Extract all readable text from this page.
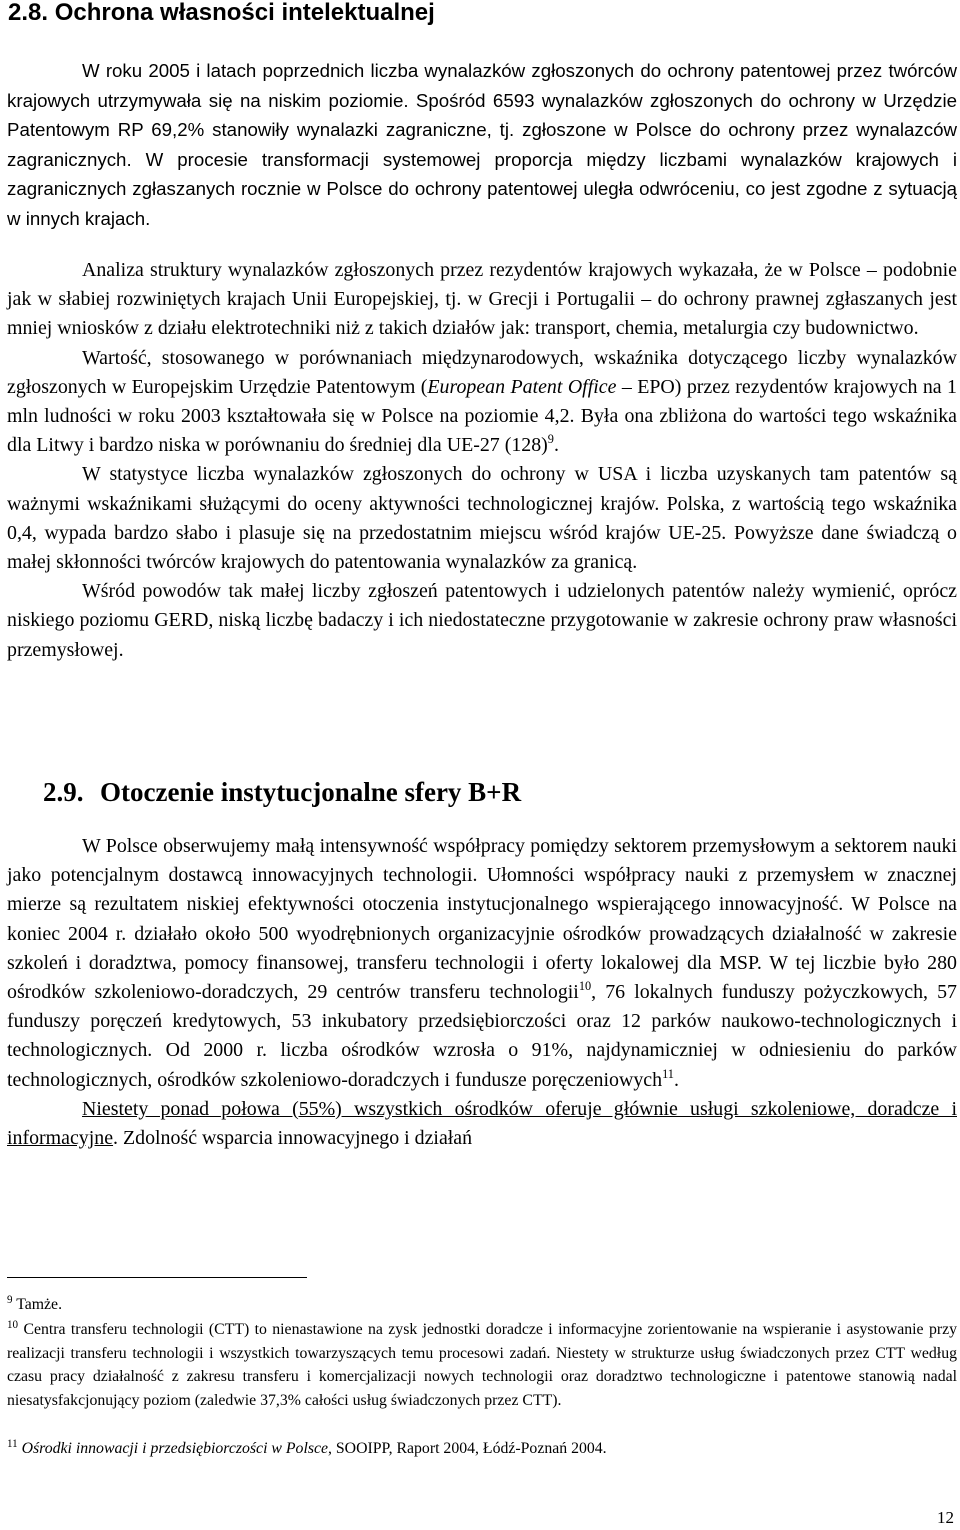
2.8. Ochrona własności intelektualnej

W roku 2005 i latach poprzednich liczba wynalazków zgłoszonych do ochrony patentowej przez twórców krajowych utrzymywała się na niskim poziomie. Spośród 6593 wynalazków zgłoszonych do ochrony w Urzędzie Patentowym RP 69,2% stanowiły wynalazki zagraniczne, tj. zgłoszone w Polsce do ochrony przez wynalazców zagranicznych. W procesie transformacji systemowej proporcja między liczbami wynalazków krajowych i zagranicznych zgłaszanych rocznie w Polsce do ochrony patentowej uległa odwróceniu, co jest zgodne z sytuacją w innych krajach.

Analiza struktury wynalazków zgłoszonych przez rezydentów krajowych wykazała, że w Polsce – podobnie jak w słabiej rozwiniętych krajach Unii Europejskiej, tj. w Grecji i Portugalii – do ochrony prawnej zgłaszanych jest mniej wniosków z działu elektrotechniki niż z takich działów jak: transport, chemia, metalurgia czy budownictwo.

Wartość, stosowanego w porównaniach międzynarodowych, wskaźnika dotyczącego liczby wynalazków zgłoszonych w Europejskim Urzędzie Patentowym (European Patent Office – EPO) przez rezydentów krajowych na 1 mln ludności w roku 2003 kształtowała się w Polsce na poziomie 4,2. Była ona zbliżona do wartości tego wskaźnika dla Litwy i bardzo niska w porównaniu do średniej dla UE-27 $(128)^9$.

W statystyce liczba wynalazków zgłoszonych do ochrony w USA i liczba uzyskanych tam patentów są ważnymi wskaźnikami służącymi do oceny aktywności technologicznej krajów. Polska, z wartością tego wskaźnika 0,4, wypada bardzo słabo i plasuje się na przedostatnim miejscu wśród krajów UE-25. Powyższe dane świadczą o małej skłonności twórców krajowych do patentowania wynalazków za granicą.

Wśród powodów tak małej liczby zgłoszeń patentowych i udzielonych patentów należy wymienić, oprócz niskiego poziomu GERD, niską liczbę badaczy i ich niedostateczne przygotowanie w zakresie ochrony praw własności przemysłowej.

2.9. Otoczenie instytucjonalne sfery B+R

W Polsce obserwujemy małą intensywność współpracy pomiędzy sektorem przemysłowym a sektorem nauki jako potencjalnym dostawcą innowacyjnych technologii. Ułomności współpracy nauki z przemysłem w znacznej mierze są rezultatem niskiej efektywności otoczenia instytucjonalnego wspierającego innowacyjność. W Polsce na koniec 2004 r. działało około 500 wyodrębnionych organizacyjnie ośrodków prowadzących działalność w zakresie szkoleń i doradztwa, pomocy finansowej, transferu technologii i oferty lokalowej dla MSP. W tej liczbie było 280 ośrodków szkoleniowo-doradczych, 29 centrów transferu technologii$^{10}$, 76 lokalnych funduszy pożyczkowych, 57 funduszy poręczeń kredytowych, 53 inkubatory przedsiębiorczości oraz 12 parków naukowo-technologicznych i technologicznych. Od 2000 r. liczba ośrodków wzrosła o 91%, najdynamiczniej w odniesieniu do parków technologicznych, ośrodków szkoleniowo-doradczych i fundusze poręczeniowych$^{11}$.

Niestety ponad połowa (55%) wszystkich ośrodków oferuje głównie usługi szkoleniowe, doradcze i informacyjne. Zdolność wsparcia innowacyjnego i działań

$^9$ Tamże.
$^{10}$ Centra transferu technologii (CTT) to nienastawione na zysk jednostki doradcze i informacyjne zorientowanie na wspieranie i asystowanie przy realizacji transferu technologii i wszystkich towarzyszących temu procesowi zadań. Niestety w strukturze usług świadczonych przez CTT według czasu pracy działalność z zakresu transferu i komercjalizacji nowych technologii oraz doradztwo technologiczne i patentowe stanowią nadal niesatysfakcjonujący poziom (zaledwie 37,3% całości usług świadczonych przez CTT).
$^{11}$ Ośrodki innowacji i przedsiębiorczości w Polsce, SOOIPP, Raport 2004, Łódź-Poznań 2004.
12
